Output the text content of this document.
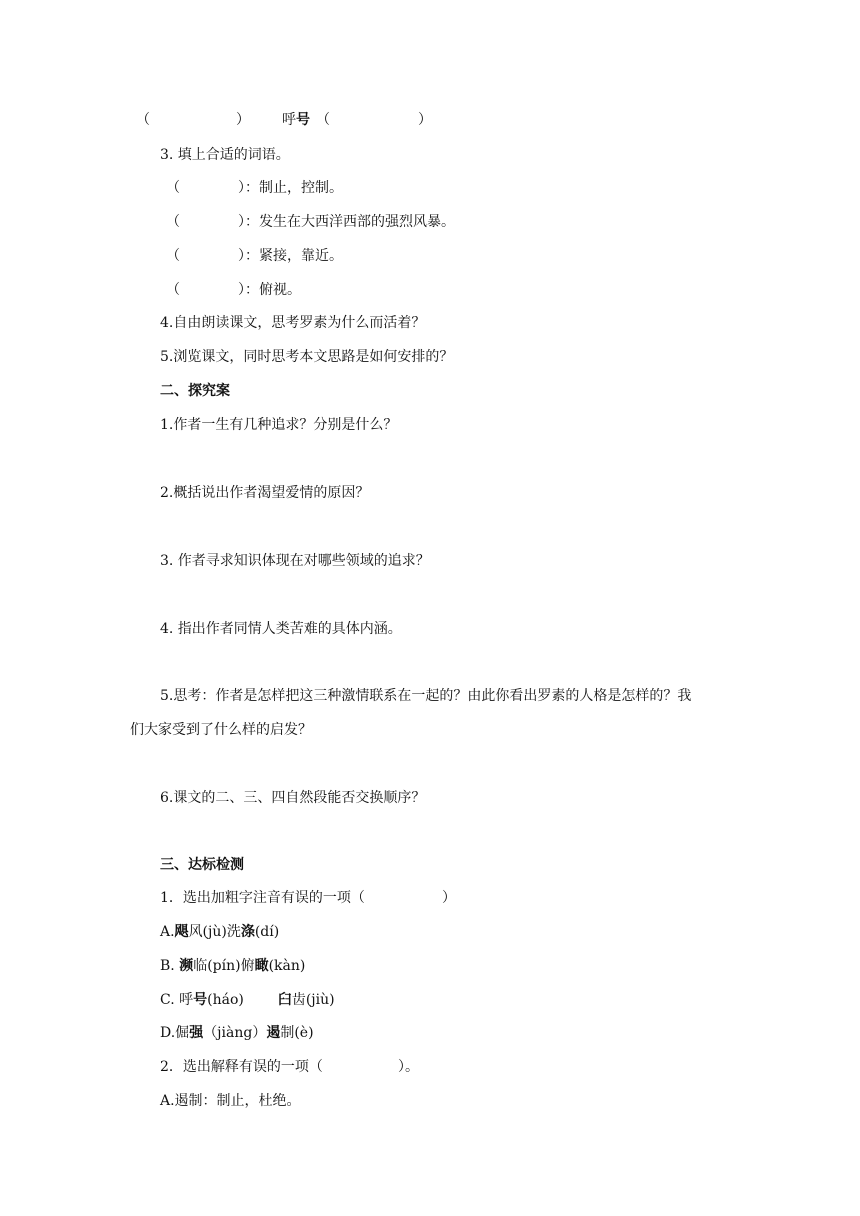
（	） 呼号 （	）
3. 填上合适的词语。
（	）：制止，控制。
（	）：发生在大西洋西部的强烈风暴。
（	）：紧接，靠近。
（	）：俯视。
4.自由朗读课文，思考罗素为什么而活着？
5.浏览课文，同时思考本文思路是如何安排的？
二、探究案
1.作者一生有几种追求？分别是什么？
2.概括说出作者渴望爱情的原因？
3. 作者寻求知识体现在对哪些领域的追求？
4. 指出作者同情人类苦难的具体内涵。
5.思考：作者是怎样把这三种激情联系在一起的？由此你看出罗素的人格是怎样的？我
们大家受到了什么样的启发？
6.课文的二、三、四自然段能否交换顺序？
三、达标检测
1．选出加粗字注音有误的一项（	）
A.飓风(jù)洗涤(dí)
B. 濒临(pín)俯瞰(kàn)
C. 呼号(háo) 臼齿(jiù)
D.倔强（jiàng）遏制(è)
2．选出解释有误的一项（	）。
A.遏制：制止，杜绝。
